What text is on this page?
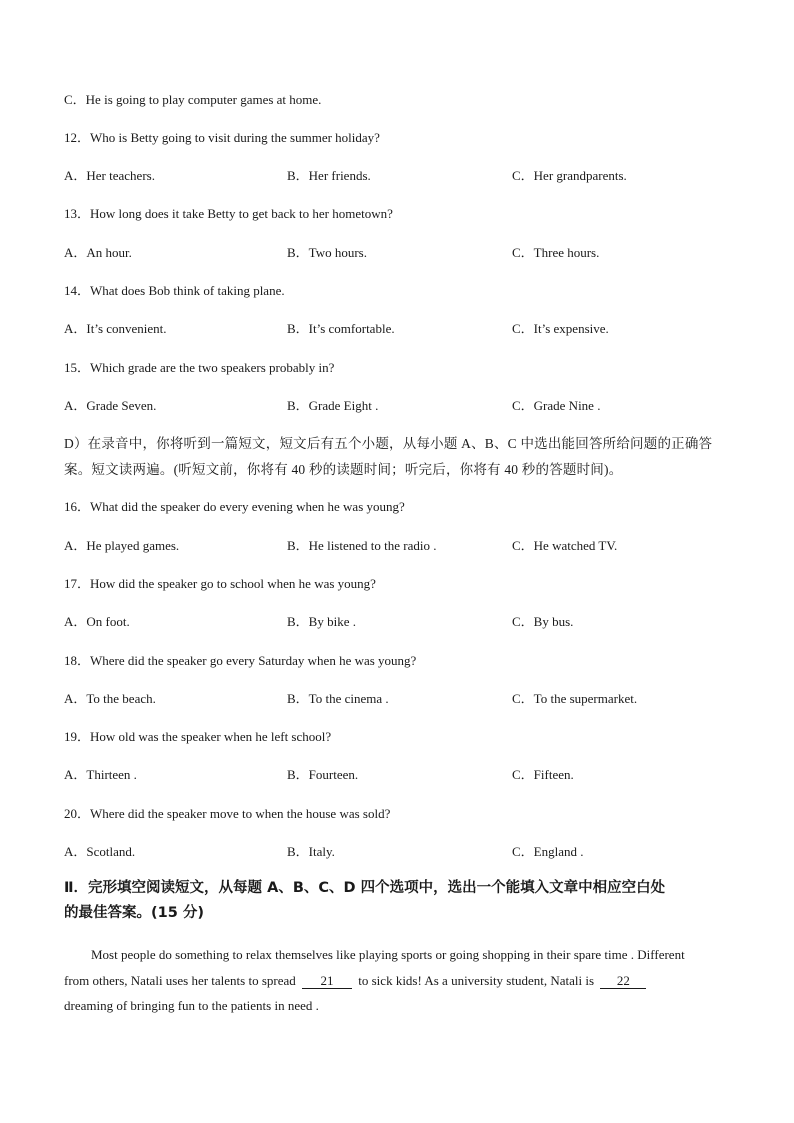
C．He is going to play computer games at home.
12．Who is Betty going to visit during the summer holiday?
A．Her teachers.	B．Her friends.	C．Her grandparents.
13．How long does it take Betty to get back to her hometown?
A．An hour.	B．Two hours.	C．Three hours.
14．What does Bob think of taking plane.
A．It’s convenient.	B．It’s comfortable.	C．It’s expensive.
15．Which grade are the two speakers probably in?
A．Grade Seven.	B．Grade Eight .	C．Grade Nine .
D）在录音中，你将听到一篇短文，短文后有五个小题，从每小题 A、B、C 中选出能回答所给问题的正确答
案。短文读两遍。(听短文前，你将有 40 秒的读题时间；听完后，你将有 40 秒的答题时间)。
16．What did the speaker do every evening when he was young?
A．He played games.	B．He listened to the radio .	C．He watched TV.
17．How did the speaker go to school when he was young?
A．On foot.	B．By bike .	C．By bus.
18．Where did the speaker go every Saturday when he was young?
A．To the beach.	B．To the cinema .	C．To the supermarket.
19．How old was the speaker when he left school?
A．Thirteen .	B．Fourteen.	C．Fifteen.
20．Where did the speaker move to when the house was sold?
A．Scotland.	B．Italy.	C．England .
Ⅱ．完形填空阅读短文，从每题 A、B、C、D 四个选项中，选出一个能填入文章中相应空白处
的最佳答案。(15 分)
Most people do something to relax themselves like playing sports or going shopping in their spare time . Different
from others, Natali uses her talents to spread 21 to sick kids! As a university student, Natali is 22
dreaming of bringing fun to the patients in need .
